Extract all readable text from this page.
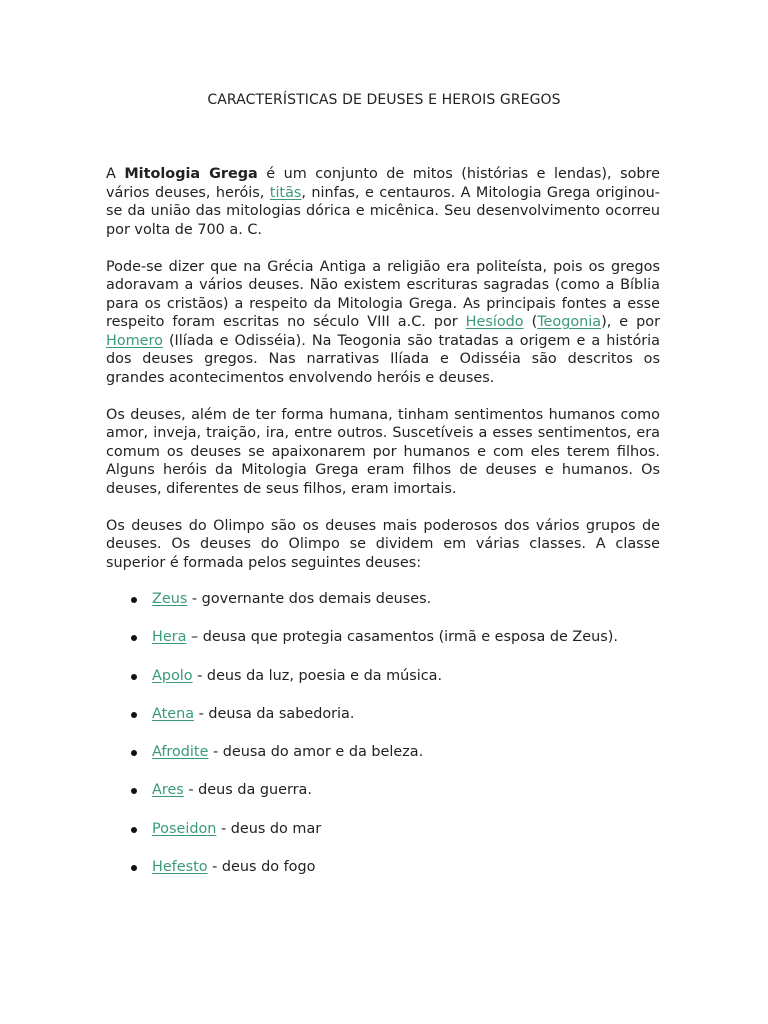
CARACTERÍSTICAS DE DEUSES E HEROIS GREGOS

A Mitologia Grega é um conjunto de mitos (histórias e lendas), sobre vários deuses, heróis, titãs, ninfas, e centauros. A Mitologia Grega originou-se da união das mitologias dórica e micênica. Seu desenvolvimento ocorreu por volta de 700 a. C.

Pode-se dizer que na Grécia Antiga a religião era politeísta, pois os gregos adoravam a vários deuses. Não existem escrituras sagradas (como a Bíblia para os cristãos) a respeito da Mitologia Grega. As principais fontes a esse respeito foram escritas no século VIII a.C. por Hesíodo (Teogonia), e por Homero (Ilíada e Odisséia). Na Teogonia são tratadas a origem e a história dos deuses gregos. Nas narrativas Ilíada e Odisséia são descritos os grandes acontecimentos envolvendo heróis e deuses.

Os deuses, além de ter forma humana, tinham sentimentos humanos como amor, inveja, traição, ira, entre outros. Suscetíveis a esses sentimentos, era comum os deuses se apaixonarem por humanos e com eles terem filhos. Alguns heróis da Mitologia Grega eram filhos de deuses e humanos. Os deuses, diferentes de seus filhos, eram imortais.

Os deuses do Olimpo são os deuses mais poderosos dos vários grupos de deuses. Os deuses do Olimpo se dividem em várias classes. A classe superior é formada pelos seguintes deuses:

Zeus - governante dos demais deuses.
Hera – deusa que protegia casamentos (irmã e esposa de Zeus).
Apolo - deus da luz, poesia e da música.
Atena - deusa da sabedoria.
Afrodite - deusa do amor e da beleza.
Ares - deus da guerra.
Poseidon - deus do mar
Hefesto - deus do fogo
